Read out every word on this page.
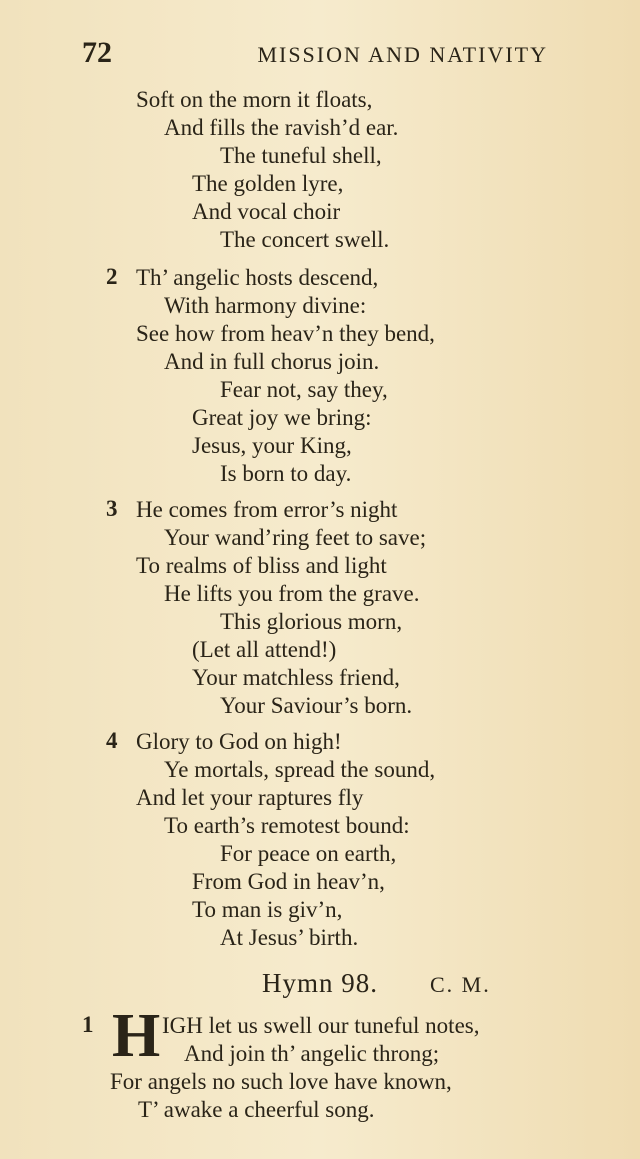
72	MISSION AND NATIVITY
Soft on the morn it floats,
And fills the ravish’d ear.
The tuneful shell,
The golden lyre,
And vocal choir
The concert swell.
2 Th’ angelic hosts descend,
With harmony divine:
See how from heav’n they bend,
And in full chorus join.
Fear not, say they,
Great joy we bring:
Jesus, your King,
Is born to day.
3 He comes from error’s night
Your wand’ring feet to save;
To realms of bliss and light
He lifts you from the grave.
This glorious morn,
(Let all attend!)
Your matchless friend,
Your Saviour’s born.
4 Glory to God on high!
Ye mortals, spread the sound,
And let your raptures fly
To earth’s remotest bound:
For peace on earth,
From God in heav’n,
To man is giv’n,
At Jesus’ birth.
Hymn 98. C. M.
1 H IGH let us swell our tuneful notes,
And join th’ angelic throng;
For angels no such love have known,
T’ awake a cheerful song.
